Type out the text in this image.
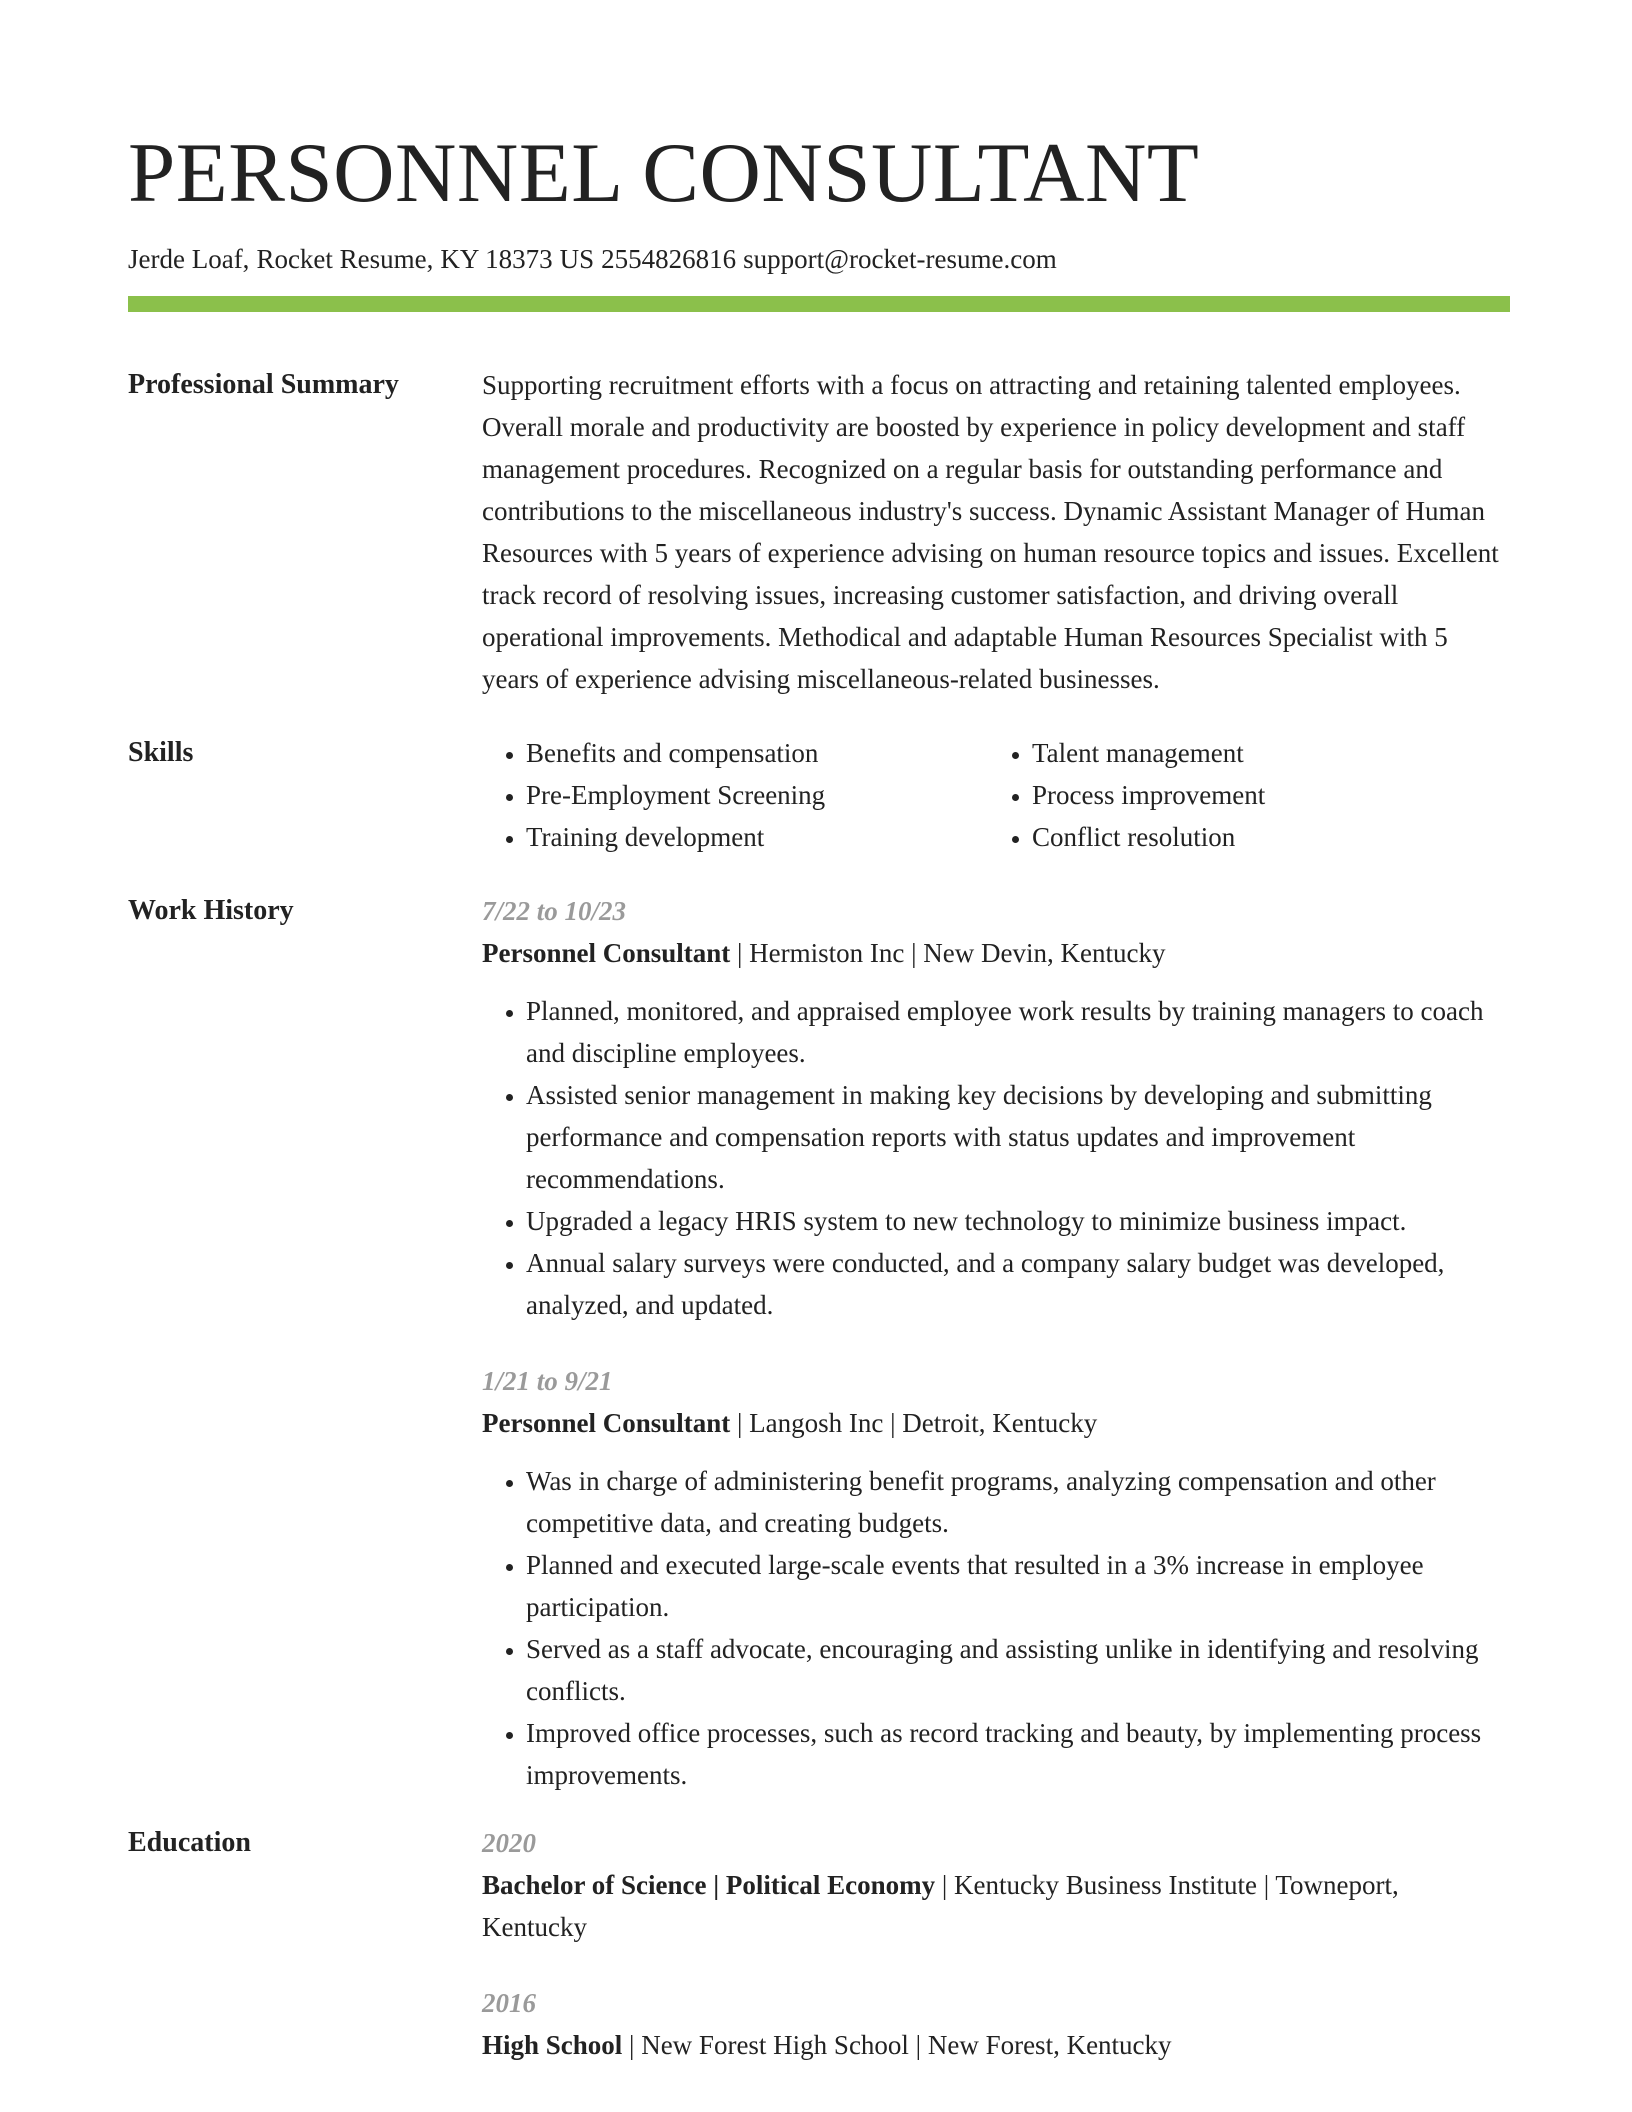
PERSONNEL CONSULTANT
Jerde Loaf, Rocket Resume, KY 18373 US 2554826816 support@rocket-resume.com
Professional Summary	Supporting recruitment efforts with a focus on attracting and retaining talented employees. Overall morale and productivity are boosted by experience in policy development and staff management procedures. Recognized on a regular basis for outstanding performance and contributions to the miscellaneous industry's success. Dynamic Assistant Manager of Human Resources with 5 years of experience advising on human resource topics and issues. Excellent track record of resolving issues, increasing customer satisfaction, and driving overall operational improvements. Methodical and adaptable Human Resources Specialist with 5 years of experience advising miscellaneous-related businesses.

Skills
•	Benefits and compensation
• Pre-Employment Screening
• Training development
• Talent management
• Process improvement
• Conflict resolution
Work History	7/22 to 10/23
Personnel Consultant | Hermiston Inc | New Devin, Kentucky
• Planned, monitored, and appraised employee work results by training managers to coach and discipline employees.
• Assisted senior management in making key decisions by developing and submitting performance and compensation reports with status updates and improvement recommendations.
• Upgraded a legacy HRIS system to new technology to minimize business impact.
• Annual salary surveys were conducted, and a company salary budget was developed, analyzed, and updated.
1/21 to 9/21
Personnel Consultant | Langosh Inc | Detroit, Kentucky
• Was in charge of administering benefit programs, analyzing compensation and other competitive data, and creating budgets.
• Planned and executed large-scale events that resulted in a 3% increase in employee participation.
• Served as a staff advocate, encouraging and assisting unlike in identifying and resolving conflicts.
• Improved office processes, such as record tracking and beauty, by implementing process improvements.
Education	2020
Bachelor of Science | Political Economy | Kentucky Business Institute | Towneport, Kentucky
2016
High School | New Forest High School | New Forest, Kentucky
